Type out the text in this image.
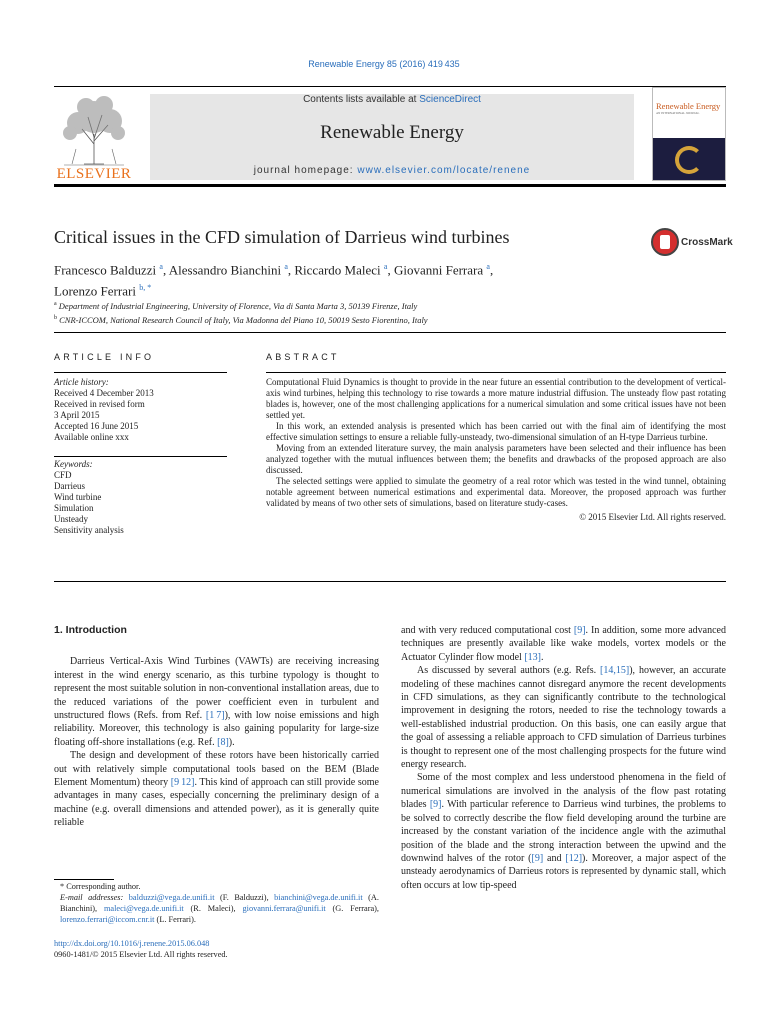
Renewable Energy 85 (2016) 419 435
ELSEVIER
Contents lists available at ScienceDirect
Renewable Energy
journal homepage: www.elsevier.com/locate/renene
Renewable Energy
AN INTERNATIONAL JOURNAL
Critical issues in the CFD simulation of Darrieus wind turbines	CrossMark
Francesco Balduzzi $^a$, Alessandro Bianchini $^a$, Riccardo Maleci $^a$, Giovanni Ferrara $^a$,
Lorenzo Ferrari $^{b, *}$
$^a$ Department of Industrial Engineering, University of Florence, Via di Santa Marta 3, 50139 Firenze, Italy
$^b$ CNR-ICCOM, National Research Council of Italy, Via Madonna del Piano 10, 50019 Sesto Fiorentino, Italy
ARTICLE INFO	ABSTRACT
Article history:
Received 4 December 2013
Received in revised form
3 April 2015
Accepted 16 June 2015
Available online xxx
Keywords:
CFD
Darrieus
Wind turbine
Simulation
Unsteady
Sensitivity analysis

Computational Fluid Dynamics is thought to provide in the near future an essential contribution to the development of vertical-axis wind turbines, helping this technology to rise towards a more mature industrial diffusion. The unsteady flow past rotating blades is, however, one of the most challenging applications for a numerical simulation and some critical issues have not been settled yet.

In this work, an extended analysis is presented which has been carried out with the final aim of identifying the most effective simulation settings to ensure a reliable fully-unsteady, two-dimensional simulation of an H-type Darrieus turbine.

Moving from an extended literature survey, the main analysis parameters have been selected and their influence has been analyzed together with the mutual influences between them; the benefits and drawbacks of the proposed approach are also discussed.

The selected settings were applied to simulate the geometry of a real rotor which was tested in the wind tunnel, obtaining notable agreement between numerical estimations and experimental data. Moreover, the proposed approach was further validated by means of two other sets of simulations, based on literature study-cases.

© 2015 Elsevier Ltd. All rights reserved.
1. Introduction

Darrieus Vertical-Axis Wind Turbines (VAWTs) are receiving increasing interest in the wind energy scenario, as this turbine typology is thought to represent the most suitable solution in non-conventional installation areas, due to the reduced variations of the power coefficient even in turbulent and unstructured flows (Refs. from Ref. [1 7]), with low noise emissions and high reliability. Moreover, this technology is also gaining popularity for large-size floating off-shore installations (e.g. Ref. [8]).

The design and development of these rotors have been historically carried out with relatively simple computational tools based on the BEM (Blade Element Momentum) theory [9 12]. This kind of approach can still provide some advantages in many cases, especially concerning the preliminary design of a machine (e.g. overall dimensions and attended power), as it is generally quite reliable

and with very reduced computational cost [9]. In addition, some more advanced techniques are presently available like wake models, vortex models or the Actuator Cylinder flow model [13].

As discussed by several authors (e.g. Refs. [14,15]), however, an accurate modeling of these machines cannot disregard anymore the recent developments in CFD simulations, as they can significantly contribute to the technological improvement in designing the rotors, needed to rise the technology towards a well-established industrial production. On this basis, one can easily argue that the goal of assessing a reliable approach to CFD simulation of Darrieus turbines is thought to represent one of the most challenging prospects for the future wind energy research.

Some of the most complex and less understood phenomena in the field of numerical simulations are involved in the analysis of the flow past rotating blades [9]. With particular reference to Darrieus wind turbines, the problems to be solved to correctly describe the flow field developing around the turbine are increased by the constant variation of the incidence angle with the azimuthal position of the blade and the strong interaction between the upwind and the downwind halves of the rotor ([9] and [12]). Moreover, a major aspect of the unsteady aerodynamics of Darrieus rotors is represented by dynamic stall, which often occurs at low tip-speed

* Corresponding author.
E-mail addresses: balduzzi@vega.de.unifi.it (F. Balduzzi), bianchini@vega.de.unifi.it (A. Bianchini), maleci@vega.de.unifi.it (R. Maleci), giovanni.ferrara@unifi.it (G. Ferrara), lorenzo.ferrari@iccom.cnr.it (L. Ferrari).
http://dx.doi.org/10.1016/j.renene.2015.06.048
0960-1481/© 2015 Elsevier Ltd. All rights reserved.
